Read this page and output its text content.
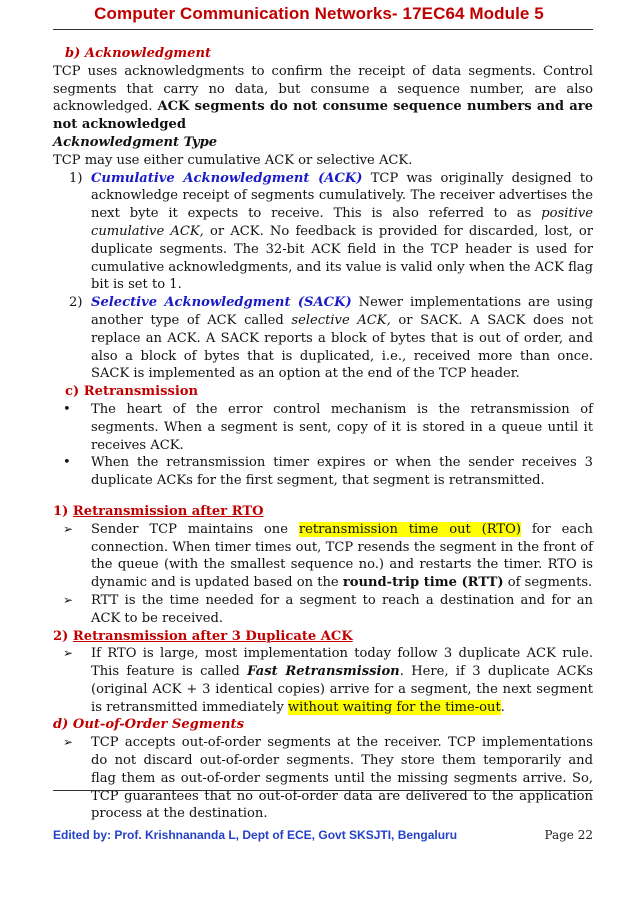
Computer Communication Networks- 17EC64 Module 5

b) Acknowledgment

TCP uses acknowledgments to confirm the receipt of data segments. Control segments that carry no data, but consume a sequence number, are also acknowledged. ACK segments do not consume sequence numbers and are not acknowledged

Acknowledgment Type

TCP may use either cumulative ACK or selective ACK.

1) Cumulative Acknowledgment (ACK) TCP was originally designed to acknowledge receipt of segments cumulatively. The receiver advertises the next byte it expects to receive. This is also referred to as positive cumulative ACK, or ACK. No feedback is provided for discarded, lost, or duplicate segments. The 32-bit ACK field in the TCP header is used for cumulative acknowledgments, and its value is valid only when the ACK flag bit is set to 1.
2) Selective Acknowledgment (SACK) Newer implementations are using another type of ACK called selective ACK, or SACK. A SACK does not replace an ACK. A SACK reports a block of bytes that is out of order, and also a block of bytes that is duplicated, i.e., received more than once. SACK is implemented as an option at the end of the TCP header.

c) Retransmission

• The heart of the error control mechanism is the retransmission of segments. When a segment is sent, copy of it is stored in a queue until it receives ACK.
• When the retransmission timer expires or when the sender receives 3 duplicate ACKs for the first segment, that segment is retransmitted.

1) Retransmission after RTO

➢ Sender TCP maintains one retransmission time out (RTO) for each connection. When timer times out, TCP resends the segment in the front of the queue (with the smallest sequence no.) and restarts the timer. RTO is dynamic and is updated based on the round-trip time (RTT) of segments.
➢ RTT is the time needed for a segment to reach a destination and for an ACK to be received.

2) Retransmission after 3 Duplicate ACK

➢ If RTO is large, most implementation today follow 3 duplicate ACK rule. This feature is called Fast Retransmission. Here, if 3 duplicate ACKs (original ACK + 3 identical copies) arrive for a segment, the next segment is retransmitted immediately without waiting for the time-out.

d) Out-of-Order Segments

➢ TCP accepts out-of-order segments at the receiver. TCP implementations do not discard out-of-order segments. They store them temporarily and flag them as out-of-order segments until the missing segments arrive. So, TCP guarantees that no out-of-order data are delivered to the application process at the destination.
Edited by: Prof. Krishnananda L, Dept of ECE, Govt SKSJTI, Bengaluru	Page 22
